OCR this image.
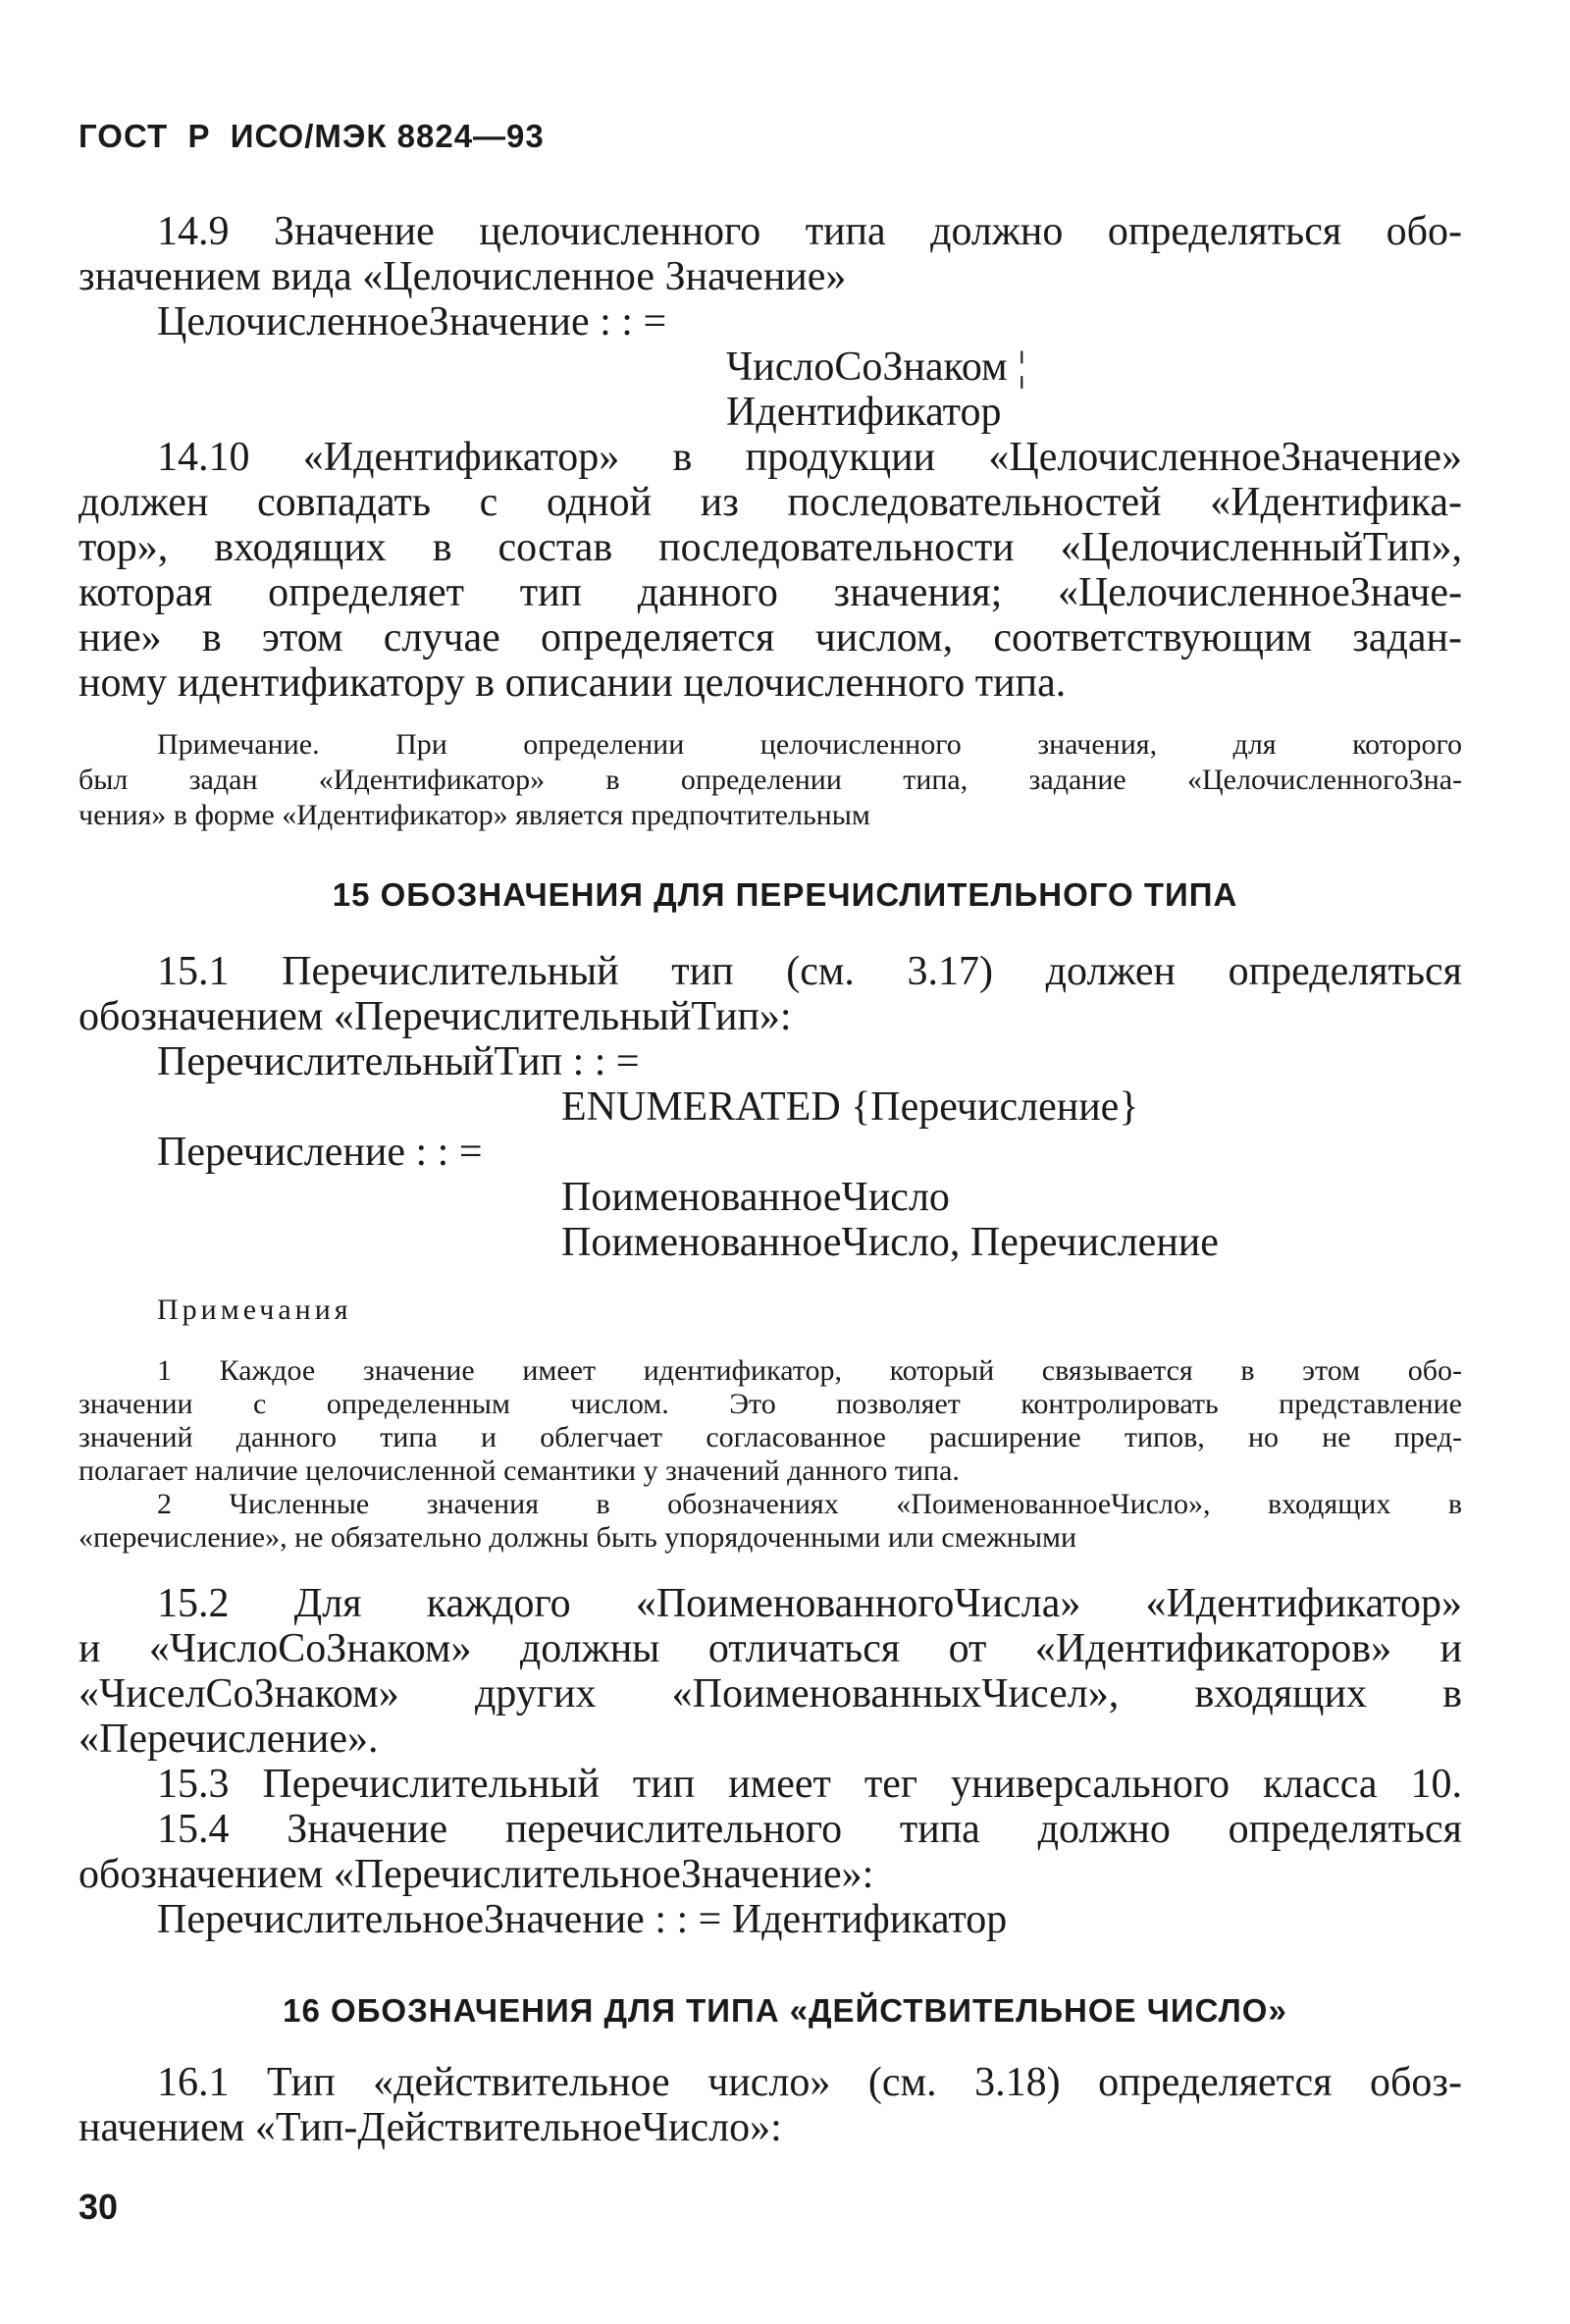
ГОСТ  Р  ИСО/МЭК 8824—93
14.9 Значение целочисленного типа должно определяться обо-
значением вида «Целочисленное Значение»
ЦелочисленноеЗначение : : =
ЧислоСоЗнаком ¦
Идентификатор
14.10 «Идентификатор» в продукции «ЦелочисленноеЗначение»
должен совпадать с одной из последовательностей «Идентифика-
тор», входящих в состав последовательности «ЦелочисленныйТип»,
которая определяет тип данного значения; «ЦелочисленноеЗначе-
ние» в этом случае определяется числом, соответствующим задан-
ному идентификатору в описании целочисленного типа.
Примечание. При определении целочисленного значения, для которого
был задан «Идентификатор» в определении типа, задание «ЦелочисленногоЗна-
чения» в форме «Идентификатор» является предпочтительным
15 ОБОЗНАЧЕНИЯ ДЛЯ ПЕРЕЧИСЛИТЕЛЬНОГО ТИПА
15.1 Перечислительный тип (см. 3.17) должен определяться
обозначением «ПеречислительныйТип»:
ПеречислительныйТип : : =
ENUMERATED {Перечисление}
Перечисление : : =
ПоименованноеЧисло
ПоименованноеЧисло, Перечисление
Примечания
1 Каждое значение имеет идентификатор, который связывается в этом обо-
значении с определенным числом. Это позволяет контролировать представление
значений данного типа и облегчает согласованное расширение типов, но не пред-
полагает наличие целочисленной семантики у значений данного типа.
2 Численные значения в обозначениях «ПоименованноеЧисло», входящих в
«перечисление», не обязательно должны быть упорядоченными или смежными
15.2 Для каждого «ПоименованногоЧисла» «Идентификатор»
и «ЧислоСоЗнаком» должны отличаться от «Идентификаторов» и
«ЧиселСоЗнаком» других «ПоименованныхЧисел», входящих в
«Перечисление».
15.3 Перечислительный тип имеет тег универсального класса 10.
15.4 Значение перечислительного типа должно определяться
обозначением «ПеречислительноеЗначение»:
ПеречислительноеЗначение : : = Идентификатор
16 ОБОЗНАЧЕНИЯ ДЛЯ ТИПА «ДЕЙСТВИТЕЛЬНОЕ ЧИСЛО»
16.1 Тип «действительное число» (см. 3.18) определяется обоз-
начением «Тип-ДействительноеЧисло»:
30
